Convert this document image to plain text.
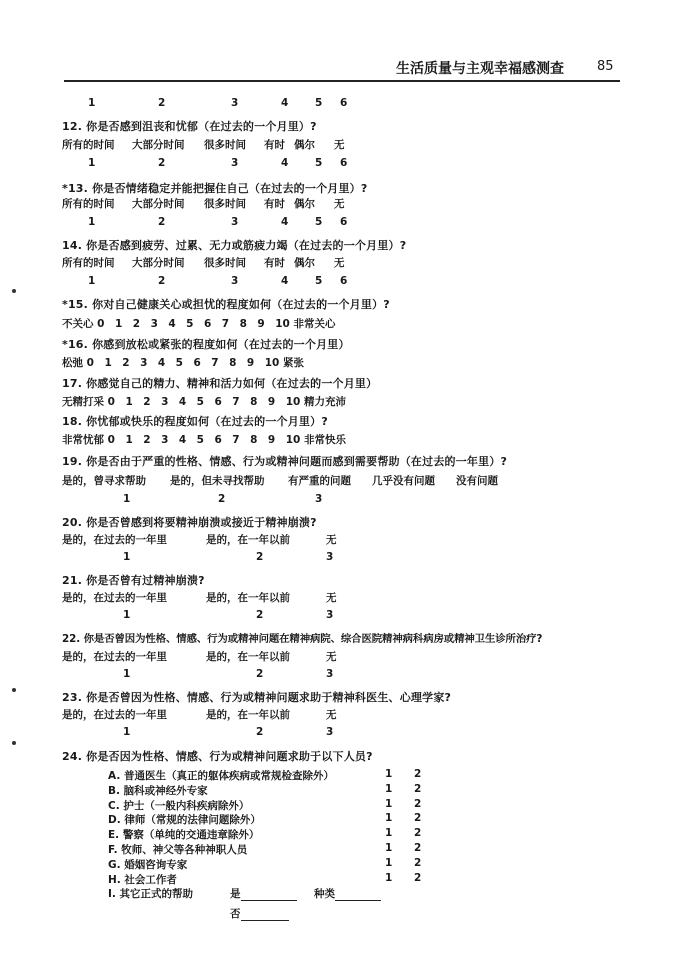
生活质量与主观幸福感测查	85
1	2	3	4	5 6
12. 你是否感到沮丧和忧郁（在过去的一个月里）?
所有的时间 大部分时间 很多时间 有时 偶尔 无
1	2	3	4	5 6
*13. 你是否情绪稳定并能把握住自己（在过去的一个月里）?
所有的时间 大部分时间 很多时间 有时 偶尔 无
1	2	3	4	5 6
14. 你是否感到疲劳、过累、无力或筋疲力竭（在过去的一个月里）?
所有的时间 大部分时间 很多时间 有时 偶尔 无
1	2	3	4	5 6
*15. 你对自己健康关心或担忧的程度如何（在过去的一个月里）?
不关心 0　1　2　3　4　5　6　7　8　9　10 非常关心
*16. 你感到放松或紧张的程度如何（在过去的一个月里）
松弛 0　1　2　3　4　5　6　7　8　9　10 紧张
17. 你感觉自己的精力、精神和活力如何（在过去的一个月里）
无精打采 0　1　2　3　4　5　6　7　8　9　10 精力充沛
18. 你忧郁或快乐的程度如何（在过去的一个月里）?
非常忧郁 0　1　2　3　4　5　6　7　8　9　10 非常快乐
19. 你是否由于严重的性格、情感、行为或精神问题而感到需要帮助（在过去的一年里）?
是的，曾寻求帮助 是的，但未寻找帮助 有严重的问题 几乎没有问题 没有问题
1	2	3
20. 你是否曾感到将要精神崩溃或接近于精神崩溃?
是的，在过去的一年里	是的，在一年以前	无
1	2	3
21. 你是否曾有过精神崩溃?
是的，在过去的一年里	是的，在一年以前	无
1	2	3
22. 你是否曾因为性格、情感、行为或精神问题在精神病院、综合医院精神病科病房或精神卫生诊所治疗?
是的，在过去的一年里	是的，在一年以前	无
1	2	3
23. 你是否曾因为性格、情感、行为或精神问题求助于精神科医生、心理学家?
是的，在过去的一年里	是的，在一年以前	无
1	2	3
24. 你是否因为性格、情感、行为或精神问题求助于以下人员?
A. 普通医生（真正的躯体疾病或常规检查除外）	1 2
B. 脑科或神经外专家	1 2
C. 护士（一般内科疾病除外）	1 2
D. 律师（常规的法律问题除外）	1 2
E. 警察（单纯的交通违章除外）	1 2
F. 牧师、神父等各种神职人员	1 2
G. 婚姻咨询专家	1 2
H. 社会工作者	1 2
I. 其它正式的帮助	是	种类
否
